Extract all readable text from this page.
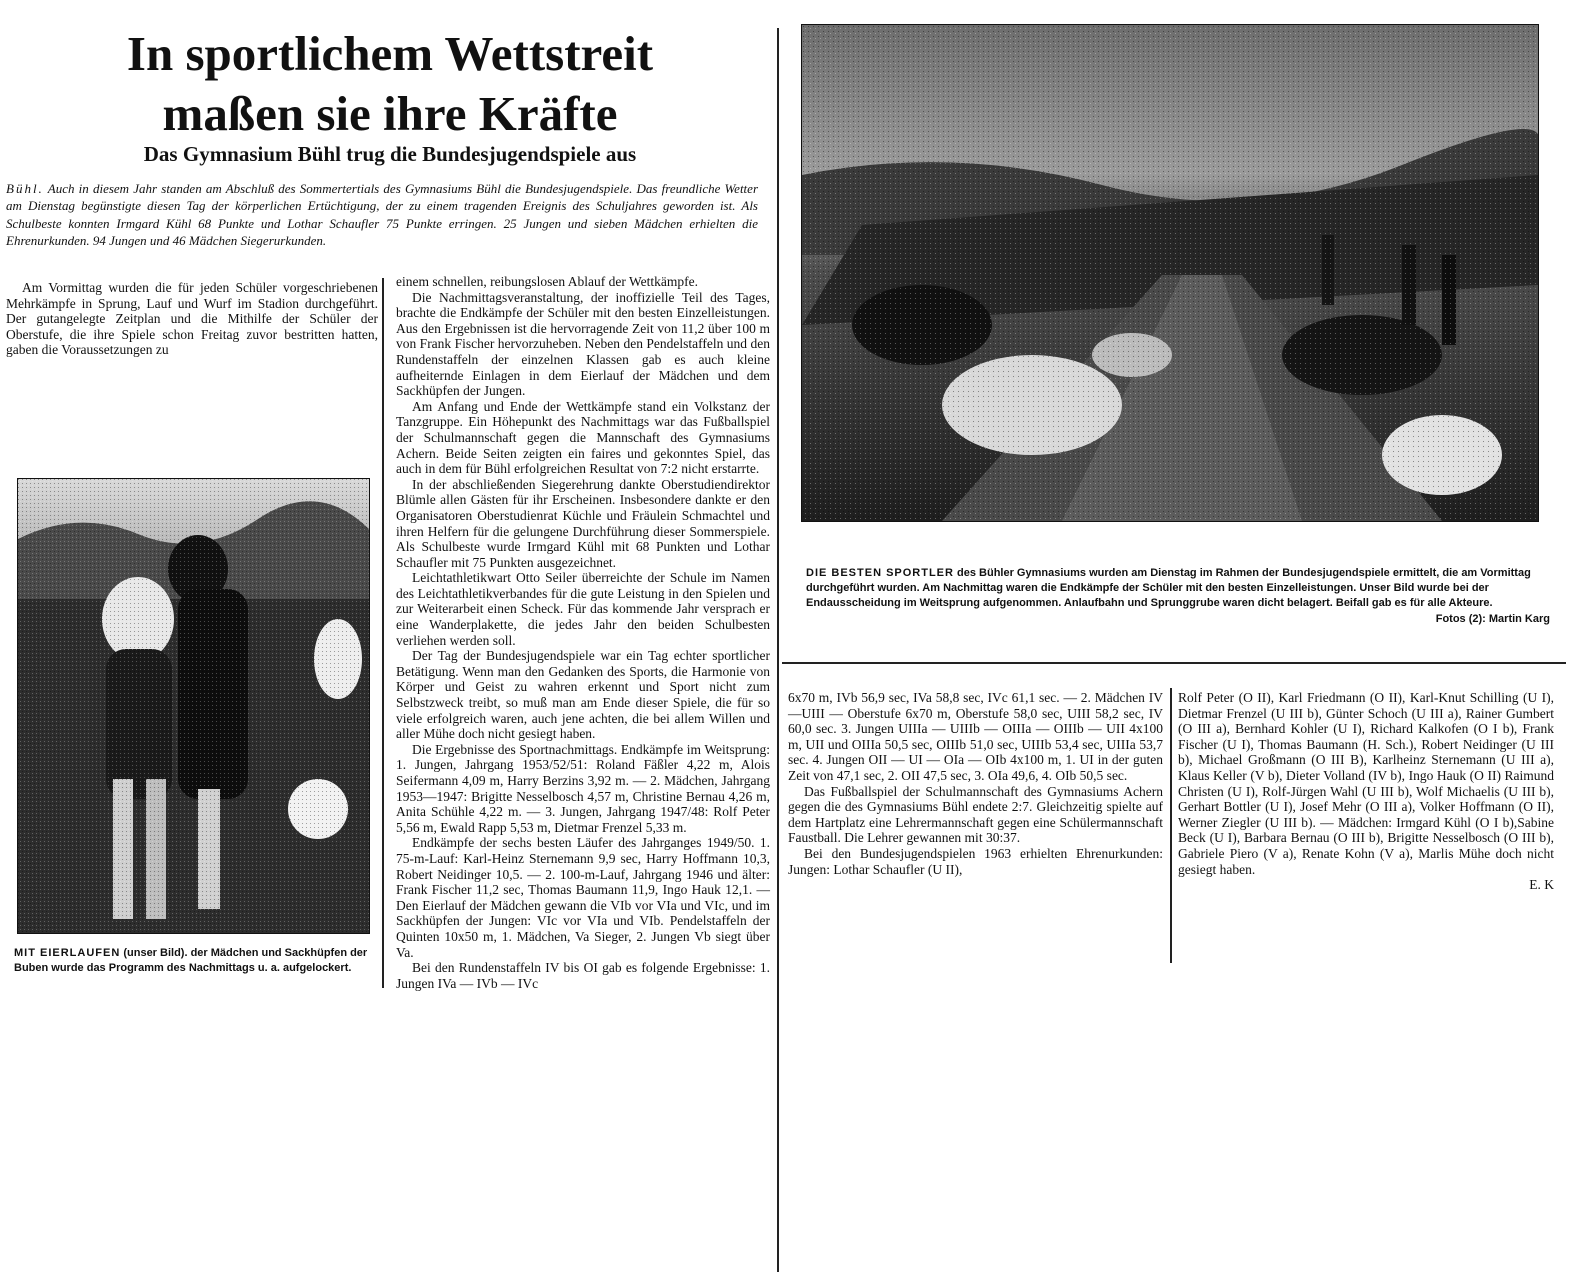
In sportlichem Wettstreit
maßen sie ihre Kräfte
Das Gymnasium Bühl trug die Bundesjugendspiele aus
Bühl. Auch in diesem Jahr standen am Abschluß des Sommertertials des Gymnasiums Bühl die Bundesjugendspiele. Das freundliche Wetter am Dienstag begünstigte diesen Tag der körperlichen Ertüchtigung, der zu einem tragenden Ereignis des Schuljahres geworden ist. Als Schulbeste konnten Irmgard Kühl 68 Punkte und Lothar Schaufler 75 Punkte erringen. 25 Jungen und sieben Mädchen erhielten die Ehrenurkunden. 94 Jungen und 46 Mädchen Siegerurkunden.

Am Vormittag wurden die für jeden Schüler vorgeschriebenen Mehrkämpfe in Sprung, Lauf und Wurf im Stadion durchgeführt. Der gutangelegte Zeitplan und die Mithilfe der Schüler der Oberstufe, die ihre Spiele schon Freitag zuvor bestritten hatten, gaben die Voraussetzungen zu

MIT EIERLAUFEN (unser Bild). der Mädchen und Sackhüpfen der Buben wurde das Programm des Nachmittags u. a. aufgelockert.

einem schnellen, reibungslosen Ablauf der Wettkämpfe.

Die Nachmittagsveranstaltung, der inoffizielle Teil des Tages, brachte die Endkämpfe der Schüler mit den besten Einzelleistungen. Aus den Ergebnissen ist die hervorragende Zeit von 11,2 über 100 m von Frank Fischer hervorzuheben. Neben den Pendelstaffeln und den Rundenstaffeln der einzelnen Klassen gab es auch kleine aufheiternde Einlagen in dem Eierlauf der Mädchen und dem Sackhüpfen der Jungen.

Am Anfang und Ende der Wettkämpfe stand ein Volkstanz der Tanzgruppe. Ein Höhepunkt des Nachmittags war das Fußballspiel der Schulmannschaft gegen die Mannschaft des Gymnasiums Achern. Beide Seiten zeigten ein faires und gekonntes Spiel, das auch in dem für Bühl erfolgreichen Resultat von 7:2 nicht erstarrte.

In der abschließenden Siegerehrung dankte Oberstudiendirektor Blümle allen Gästen für ihr Erscheinen. Insbesondere dankte er den Organisatoren Oberstudienrat Küchle und Fräulein Schmachtel und ihren Helfern für die gelungene Durchführung dieser Sommerspiele. Als Schulbeste wurde Irmgard Kühl mit 68 Punkten und Lothar Schaufler mit 75 Punkten ausgezeichnet.

Leichtathletikwart Otto Seiler überreichte der Schule im Namen des Leichtathletikverbandes für die gute Leistung in den Spielen und zur Weiterarbeit einen Scheck. Für das kommende Jahr versprach er eine Wanderplakette, die jedes Jahr den beiden Schulbesten verliehen werden soll.

Der Tag der Bundesjugendspiele war ein Tag echter sportlicher Betätigung. Wenn man den Gedanken des Sports, die Harmonie von Körper und Geist zu wahren erkennt und Sport nicht zum Selbstzweck treibt, so muß man am Ende dieser Spiele, die für so viele erfolgreich waren, auch jene achten, die bei allem Willen und aller Mühe doch nicht gesiegt haben.

Die Ergebnisse des Sportnachmittags. Endkämpfe im Weitsprung: 1. Jungen, Jahrgang 1953/52/51: Roland Fäßler 4,22 m, Alois Seifermann 4,09 m, Harry Berzins 3,92 m. — 2. Mädchen, Jahrgang 1953—1947: Brigitte Nesselbosch 4,57 m, Christine Bernau 4,26 m, Anita Schühle 4,22 m. — 3. Jungen, Jahrgang 1947/48: Rolf Peter 5,56 m, Ewald Rapp 5,53 m, Dietmar Frenzel 5,33 m.

Endkämpfe der sechs besten Läufer des Jahrganges 1949/50. 1. 75-m-Lauf: Karl-Heinz Sternemann 9,9 sec, Harry Hoffmann 10,3, Robert Neidinger 10,5. — 2. 100-m-Lauf, Jahrgang 1946 und älter: Frank Fischer 11,2 sec, Thomas Baumann 11,9, Ingo Hauk 12,1. — Den Eierlauf der Mädchen gewann die VIb vor VIa und VIc, und im Sackhüpfen der Jungen: VIc vor VIa und VIb. Pendelstaffeln der Quinten 10x50 m, 1. Mädchen, Va Sieger, 2. Jungen Vb siegt über Va.

Bei den Rundenstaffeln IV bis OI gab es folgende Ergebnisse: 1. Jungen IVa — IVb — IVc

DIE BESTEN SPORTLER des Bühler Gymnasiums wurden am Dienstag im Rahmen der Bundesjugendspiele ermittelt, die am Vormittag durchgeführt wurden. Am Nachmittag waren die Endkämpfe der Schüler mit den besten Einzelleistungen. Unser Bild wurde bei der Endausscheidung im Weitsprung aufgenommen. Anlaufbahn und Sprunggrube waren dicht belagert. Beifall gab es für alle Akteure.
Fotos (2): Martin Karg

6x70 m, IVb 56,9 sec, IVa 58,8 sec, IVc 61,1 sec. — 2. Mädchen IV—UIII — Oberstufe 6x70 m, Oberstufe 58,0 sec, UIII 58,2 sec, IV 60,0 sec. 3. Jungen UIIIa — UIIIb — OIIIa — OIIIb — UII 4x100 m, UII und OIIIa 50,5 sec, OIIIb 51,0 sec, UIIIb 53,4 sec, UIIIa 53,7 sec. 4. Jungen OII — UI — OIa — OIb 4x100 m, 1. UI in der guten Zeit von 47,1 sec, 2. OII 47,5 sec, 3. OIa 49,6, 4. OIb 50,5 sec.

Das Fußballspiel der Schulmannschaft des Gymnasiums Achern gegen die des Gymnasiums Bühl endete 2:7. Gleichzeitig spielte auf dem Hartplatz eine Lehrermannschaft gegen eine Schülermannschaft Faustball. Die Lehrer gewannen mit 30:37.

Bei den Bundesjugendspielen 1963 erhielten Ehrenurkunden: Jungen: Lothar Schaufler (U II),

Rolf Peter (O II), Karl Friedmann (O II), Karl-Knut Schilling (U I), Dietmar Frenzel (U III b), Günter Schoch (U III a), Rainer Gumbert (O III a), Bernhard Kohler (U I), Richard Kalkofen (O I b), Frank Fischer (U I), Thomas Baumann (H. Sch.), Robert Neidinger (U III b), Michael Großmann (O III B), Karlheinz Sternemann (U III a), Klaus Keller (V b), Dieter Volland (IV b), Ingo Hauk (O II) Raimund Christen (U I), Rolf-Jürgen Wahl (U III b), Wolf Michaelis (U III b), Gerhart Bottler (U I), Josef Mehr (O III a), Volker Hoffmann (O II), Werner Ziegler (U III b). — Mädchen: Irmgard Kühl (O I b),Sabine Beck (U I), Barbara Bernau (O III b), Brigitte Nesselbosch (O III b), Gabriele Piero (V a), Renate Kohn (V a), Marlis Mühe doch nicht gesiegt haben.

E. K
